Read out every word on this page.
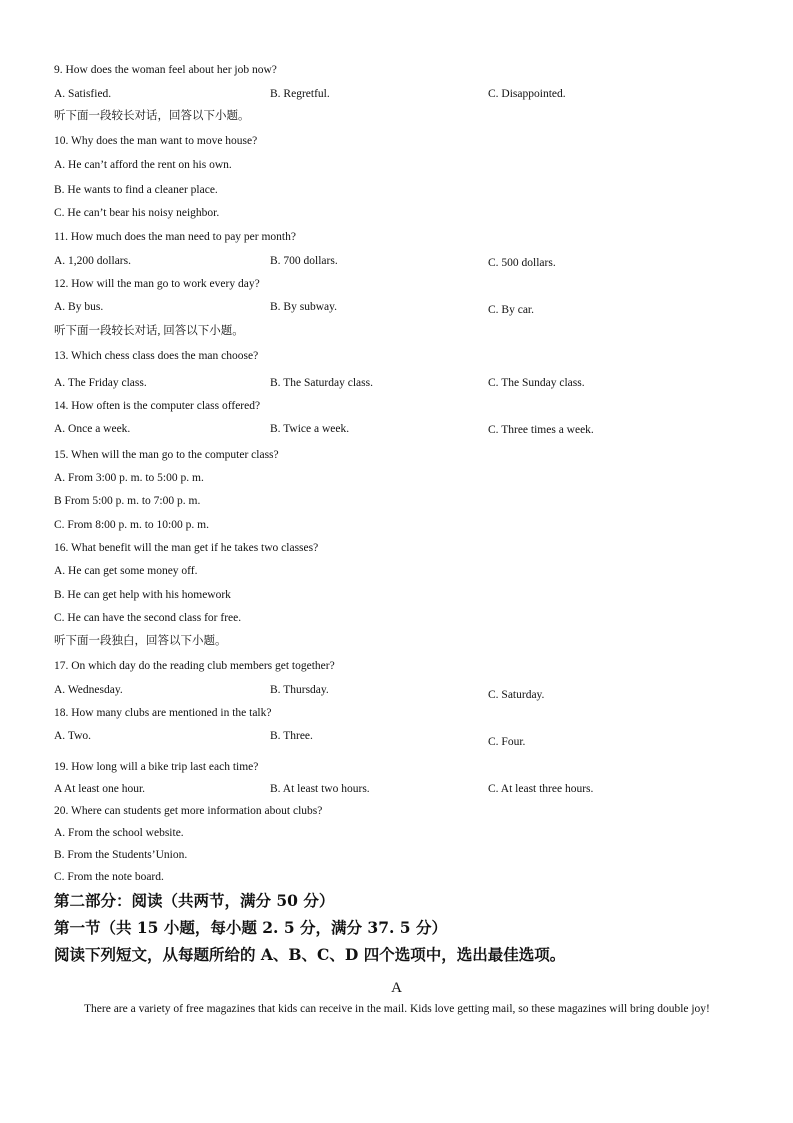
9. How does the woman feel about her job now?
A. Satisfied.	B. Regretful.	C. Disappointed.
听下面一段较长对话，回答以下小题。
10. Why does the man want to move house?
A. He can’t afford the rent on his own.
B. He wants to find a cleaner place.
C. He can’t bear his noisy neighbor.
11. How much does the man need to pay per month?
A. 1,200 dollars.	B. 700 dollars.	C. 500 dollars.
12. How will the man go to work every day?
A. By bus.	B. By subway.	C. By car.
听下面一段较长对话, 回答以下小题。
13. Which chess class does the man choose?
A. The Friday class.	B. The Saturday class.	C. The Sunday class.
14. How often is the computer class offered?
A. Once a week.	B. Twice a week.	C. Three times a week.
15. When will the man go to the computer class?
A. From 3:00 p. m. to 5:00 p. m.
B From 5:00 p. m. to 7:00 p. m.
C. From 8:00 p. m. to 10:00 p. m.
16. What benefit will the man get if he takes two classes?
A. He can get some money off.
B. He can get help with his homework
C. He can have the second class for free.
听下面一段独白，回答以下小题。
17. On which day do the reading club members get together?
A. Wednesday.	B. Thursday.	C. Saturday.
18. How many clubs are mentioned in the talk?
A. Two.	B. Three.	C. Four.
19. How long will a bike trip last each time?
A At least one hour.	B. At least two hours.	C. At least three hours.
20. Where can students get more information about clubs?
A. From the school website.
B. From the Students’Union.
C. From the note board.
第二部分：阅读（共两节，满分 50 分）
第一节（共 15 小题，每小题 2. 5 分，满分 37. 5 分）
阅读下列短文，从每题所给的 A、B、C、D 四个选项中，选出最佳选项。
A
There are a variety of free magazines that kids can receive in the mail. Kids love getting mail, so these magazines will bring double joy!
